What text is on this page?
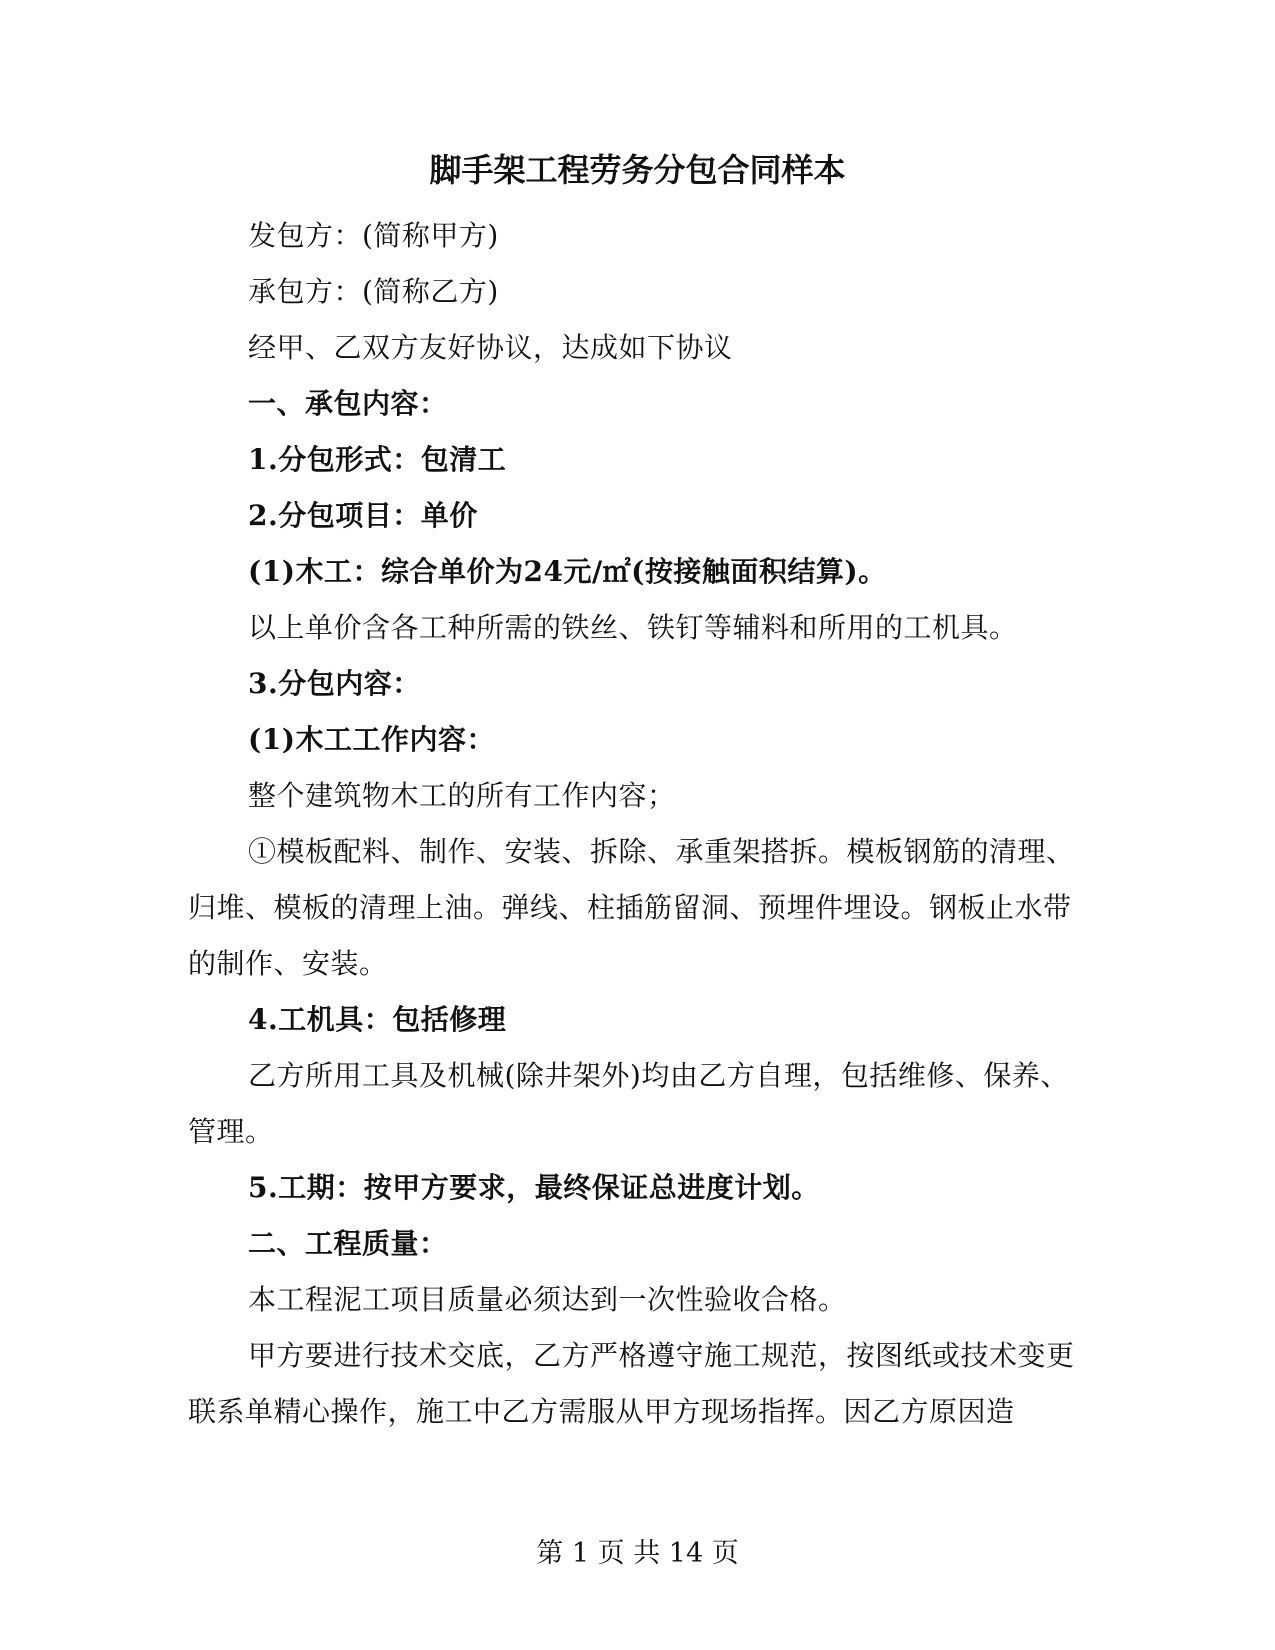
脚手架工程劳务分包合同样本

发包方：(简称甲方)

承包方：(简称乙方)

经甲、乙双方友好协议，达成如下协议

一、承包内容：

1.分包形式：包清工

2.分包项目：单价

(1)木工：综合单价为24元/㎡(按接触面积结算)。

以上单价含各工种所需的铁丝、铁钉等辅料和所用的工机具。

3.分包内容：

(1)木工工作内容：

整个建筑物木工的所有工作内容；

①模板配料、制作、安装、拆除、承重架搭拆。模板钢筋的清理、归堆、模板的清理上油。弹线、柱插筋留洞、预埋件埋设。钢板止水带的制作、安装。

4.工机具：包括修理

乙方所用工具及机械(除井架外)均由乙方自理，包括维修、保养、管理。

5.工期：按甲方要求，最终保证总进度计划。

二、工程质量：

本工程泥工项目质量必须达到一次性验收合格。

甲方要进行技术交底，乙方严格遵守施工规范，按图纸或技术变更联系单精心操作，施工中乙方需服从甲方现场指挥。因乙方原因造

第 1 页 共 14 页
